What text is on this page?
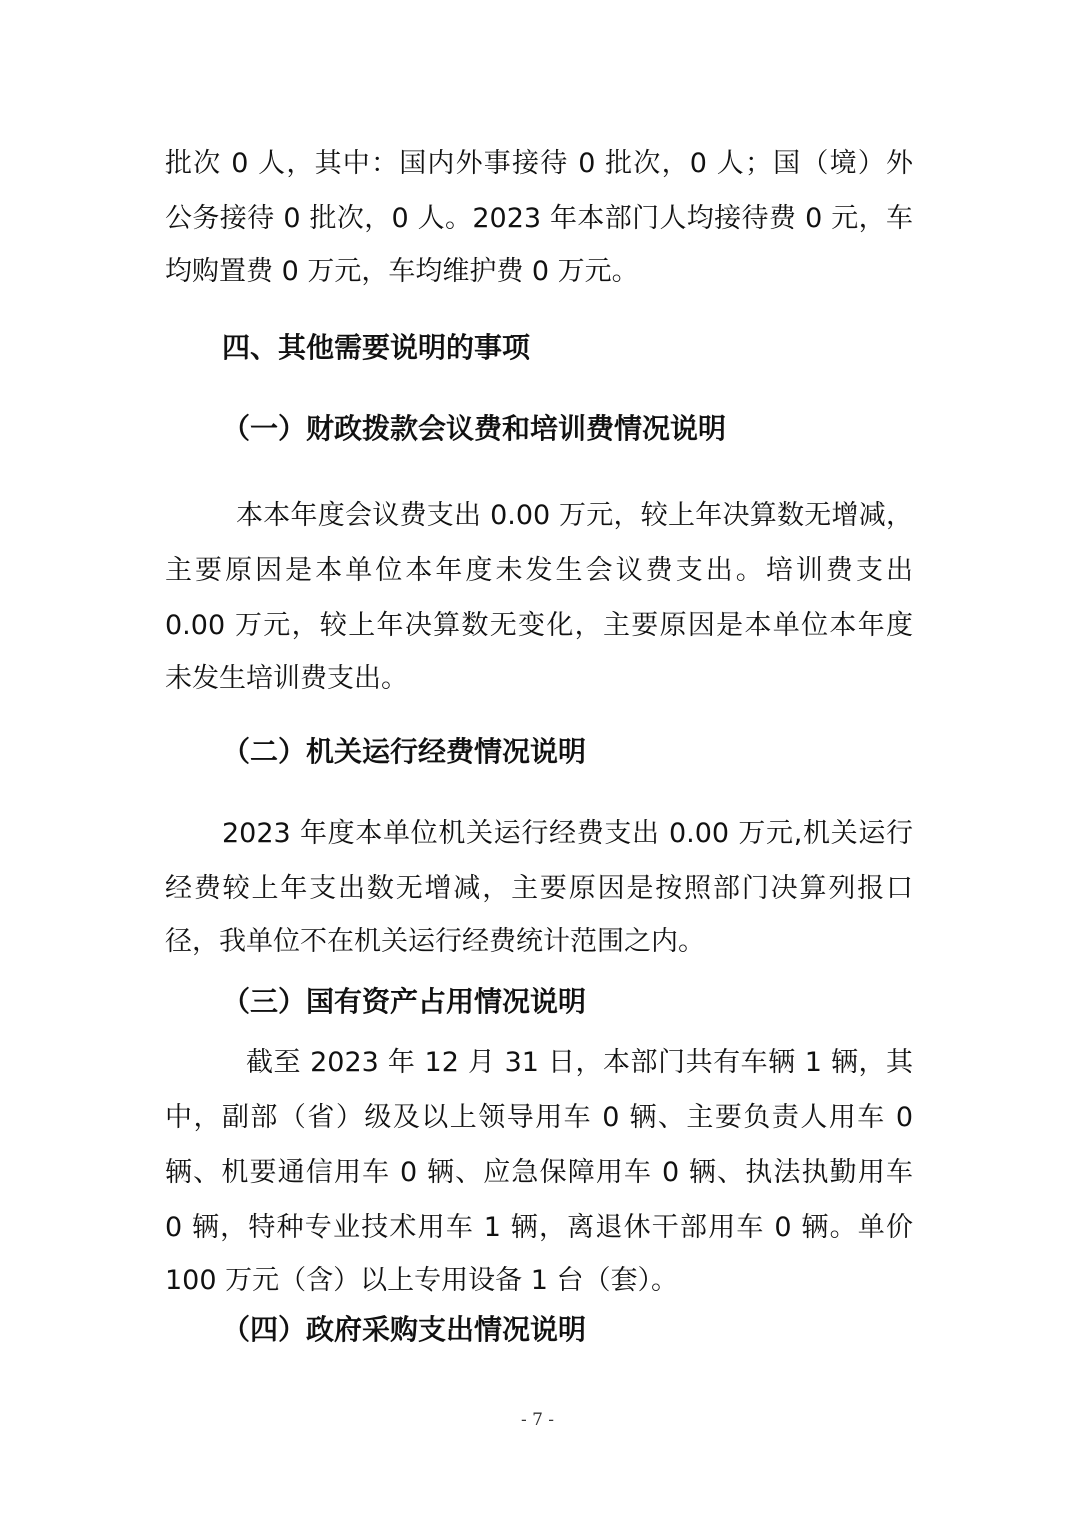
批次 0 人，其中：国内外事接待 0 批次，0 人；国（境）外
公务接待 0 批次，0 人。2023 年本部门人均接待费 0 元，车
均购置费 0 万元，车均维护费 0 万元。
四、其他需要说明的事项
（一）财政拨款会议费和培训费情况说明
本本年度会议费支出 0.00 万元，较上年决算数无增减，
主要原因是本单位本年度未发生会议费支出。培训费支出
0.00 万元，较上年决算数无变化，主要原因是本单位本年度
未发生培训费支出。
（二）机关运行经费情况说明
2023 年度本单位机关运行经费支出 0.00 万元,机关运行
经费较上年支出数无增减，主要原因是按照部门决算列报口
径，我单位不在机关运行经费统计范围之内。
（三）国有资产占用情况说明
截至 2023 年 12 月 31 日，本部门共有车辆 1 辆，其
中，副部（省）级及以上领导用车 0 辆、主要负责人用车 0
辆、机要通信用车 0 辆、应急保障用车 0 辆、执法执勤用车
0 辆，特种专业技术用车 1 辆，离退休干部用车 0 辆。单价
100 万元（含）以上专用设备 1 台（套）。
（四）政府采购支出情况说明
- 7 -
